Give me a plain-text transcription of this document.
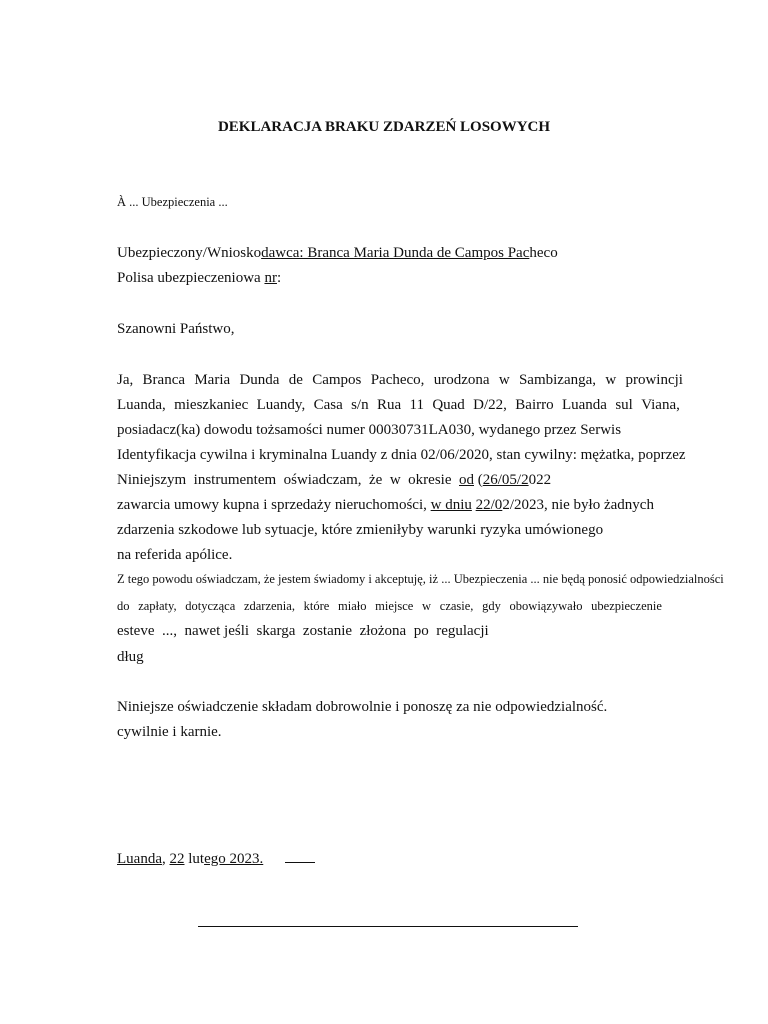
DEKLARACJA BRAKU ZDARZEŃ LOSOWYCH
À ... Ubezpieczenia ...
Ubezpieczony/Wnioskodawca: Branca Maria Dunda de Campos Pacheco
Polisa ubezpieczeniowa nr:
Szanowni Państwo,
Ja, Branca Maria Dunda de Campos Pacheco, urodzona w Sambizanga, w prowincji
Luanda, mieszkaniec Luandy, Casa s/n Rua 11 Quad D/22, Bairro Luanda sul Viana,
posiadacz(ka) dowodu tożsamości numer 00030731LA030, wydanego przez Serwis
Identyfikacja cywilna i kryminalna Luandy z dnia 02/06/2020, stan cywilny: mężatka, poprzez
Niniejszym  instrumentem  oświadczam,  że  w  okresie  od (26/05/2022
zawarcia umowy kupna i sprzedaży nieruchomości, w dniu 22/02/2023, nie było żadnych
zdarzenia szkodowe lub sytuacje, które zmieniłyby warunki ryzyka umówionego
na referida apólice.
Z tego powodu oświadczam, że jestem świadomy i akceptuję, iż ... Ubezpieczenia ... nie będą ponosić odpowiedzialności
do zapłaty, dotycząca zdarzenia, które miało miejsce w czasie, gdy obowiązywało ubezpieczenie
esteve  ...,  nawet jeśli  skarga  zostanie  złożona  po  regulacji
dług
Niniejsze oświadczenie składam dobrowolnie i ponoszę za nie odpowiedzialność.
cywilnie i karnie.
Luanda, 22 lutego 2023.
